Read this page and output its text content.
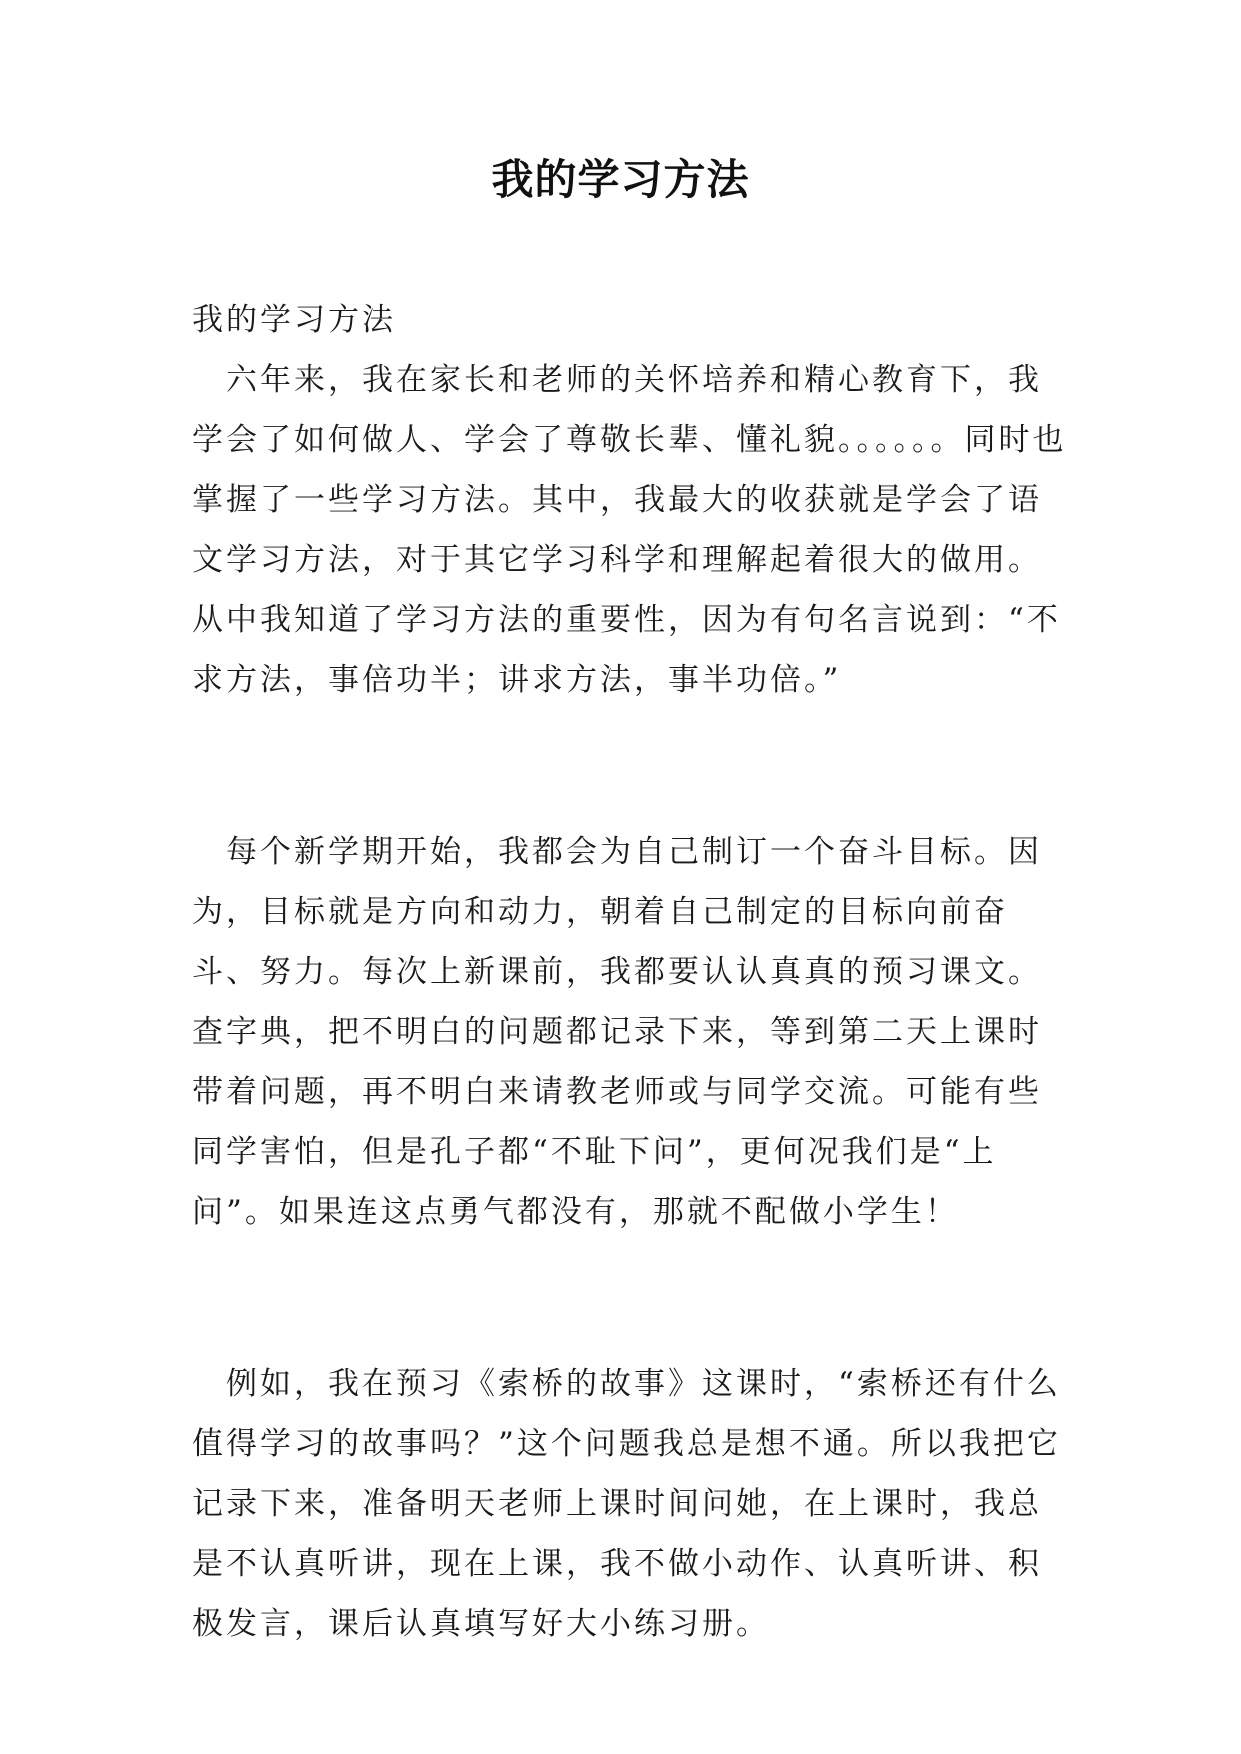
我的学习方法

我的学习方法

六年来，我在家长和老师的关怀培养和精心教育下，我学会了如何做人、学会了尊敬长辈、懂礼貌。。。。。。同时也掌握了一些学习方法。其中，我最大的收获就是学会了语文学习方法，对于其它学习科学和理解起着很大的做用。从中我知道了学习方法的重要性，因为有句名言说到：“不求方法，事倍功半；讲求方法，事半功倍。”

每个新学期开始，我都会为自己制订一个奋斗目标。因为，目标就是方向和动力，朝着自己制定的目标向前奋斗、努力。每次上新课前，我都要认认真真的预习课文。查字典，把不明白的问题都记录下来，等到第二天上课时带着问题，再不明白来请教老师或与同学交流。可能有些同学害怕，但是孔子都“不耻下问”，更何况我们是“上问”。如果连这点勇气都没有，那就不配做小学生！

例如，我在预习《索桥的故事》这课时，“索桥还有什么值得学习的故事吗？”这个问题我总是想不通。所以我把它记录下来，准备明天老师上课时间问她，在上课时，我总是不认真听讲，现在上课，我不做小动作、认真听讲、积极发言，课后认真填写好大小练习册。
